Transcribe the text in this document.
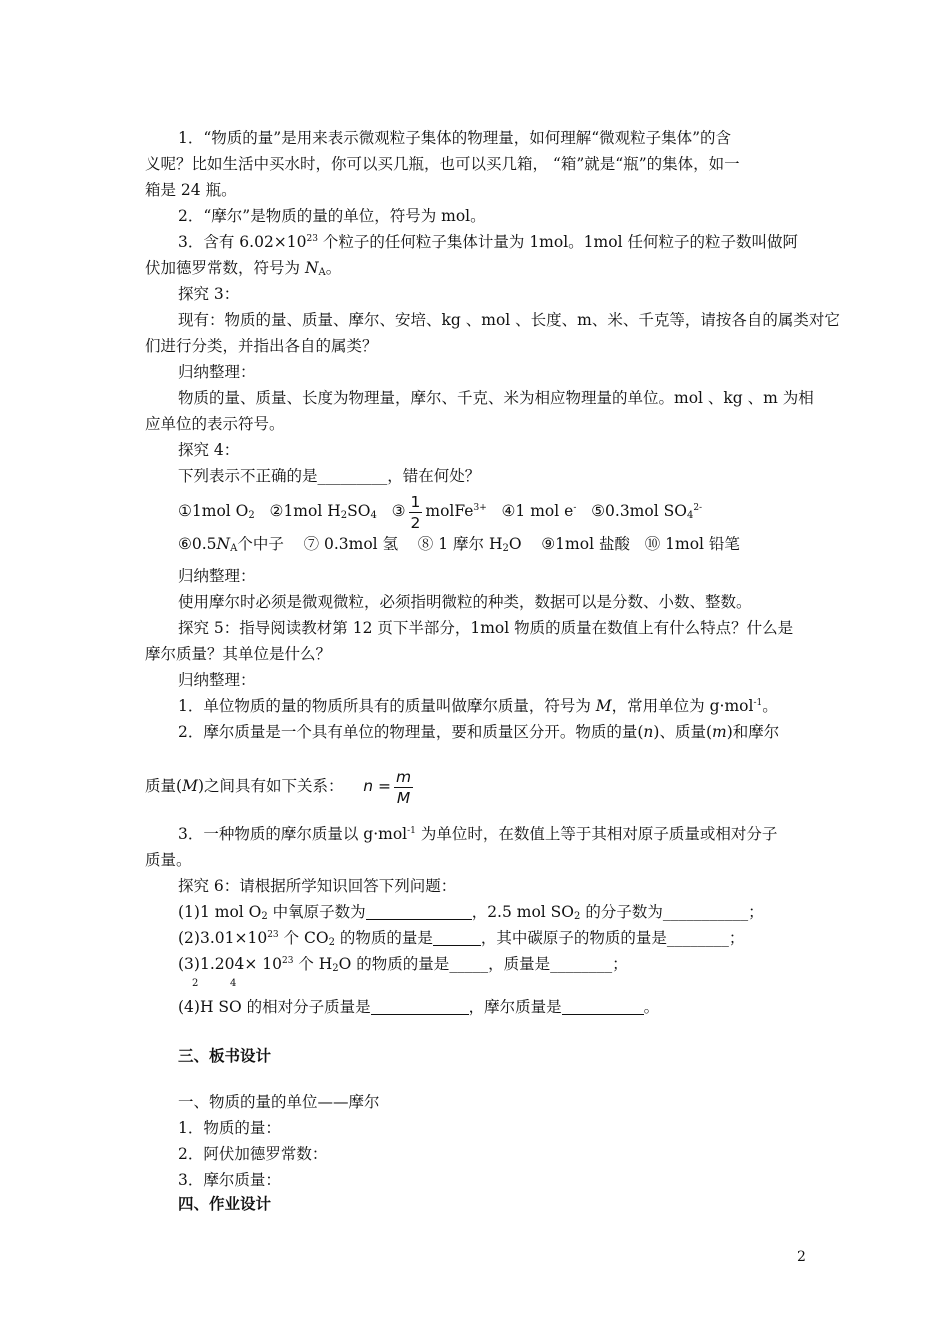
1．“物质的量”是用来表示微观粒子集体的物理量，如何理解“微观粒子集体”的含
义呢？比如生活中买水时，你可以买几瓶，也可以买几箱， “箱”就是“瓶”的集体，如一
箱是 24 瓶。
2．“摩尔”是物质的量的单位，符号为 mol。
3．含有 $6.02\times 10^{23}$ 个粒子的任何粒子集体计量为 1mol。1mol 任何粒子的粒子数叫做阿
伏加德罗常数，符号为 $N_A$。
探究 3：
现有：物质的量、质量、摩尔、安培、kg 、mol 、长度、m、米、千克等，请按各自的属类对它
们进行分类，并指出各自的属类？
归纳整理：
物质的量、质量、长度为物理量，摩尔、千克、米为相应物理量的单位。mol 、kg 、m 为相
应单位的表示符号。
探究 4：
下列表示不正确的是_________，错在何处？
①1mol $O_2$ ②1mol $H_2SO_4$ ③ $\frac{1}{2}$ molFe$^{3+}$ ④1 mol e- ⑤0.3mol $SO_4^{2-}$
$⑥0.5N_A$个中子 ⑦ 0.3mol 氢 ⑧ 1 摩尔 $H_2O$ ⑨1mol 盐酸 ⑩ 1mol 铅笔
归纳整理：
使用摩尔时必须是微观微粒，必须指明微粒的种类，数据可以是分数、小数、整数。
探究 5：指导阅读教材第 12 页下半部分，1mol 物质的质量在数值上有什么特点？什么是
摩尔质量？其单位是什么？
归纳整理：
1．单位物质的量的物质所具有的质量叫做摩尔质量，符号为 M，常用单位为 g·mol$^{-1}$。
2．摩尔质量是一个具有单位的物理量，要和质量区分开。物质的量(n)、质量(m)和摩尔
质量(M)之间具有如下关系： $n = \frac{m}{M}$
3．一种物质的摩尔质量以 g·mol$^{-1}$ 为单位时，在数值上等于其相对原子质量或相对分子
质量。
探究 6：请根据所学知识回答下列问题：
(1)1 mol $O_2$ 中氧原子数为	，2.5 mol $SO_2$ 的分子数为___________；
$(2)3.01\times 10^{23}$ 个 $CO_2$ 的物质的量是	，其中碳原子的物质的量是________；
$(3)1.204\times 10^{23}$ 个 $H_2O$ 的物质的量是_____，质量是________；
2	4
(4)H SO 的相对分子质量是	，摩尔质量是	。
三、板书设计
一、物质的量的单位——摩尔
1．物质的量：
2．阿伏加德罗常数：
3．摩尔质量：
四、作业设计
2
